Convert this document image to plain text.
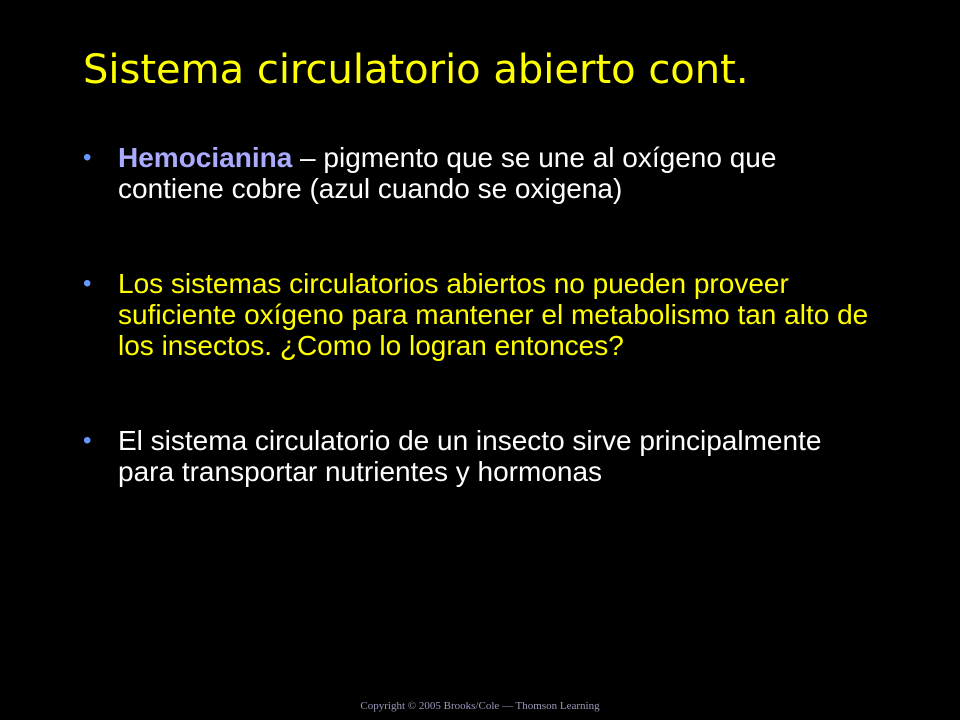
Sistema circulatorio abierto cont.
• Hemocianina – pigmento que se une al oxígeno que contiene cobre (azul cuando se oxigena)
• Los sistemas circulatorios abiertos no pueden proveer suficiente oxígeno para mantener el metabolismo tan alto de los insectos. ¿Como lo logran entonces?
• El sistema circulatorio de un insecto sirve principalmente para transportar nutrientes y hormonas
Copyright © 2005 Brooks/Cole — Thomson Learning
